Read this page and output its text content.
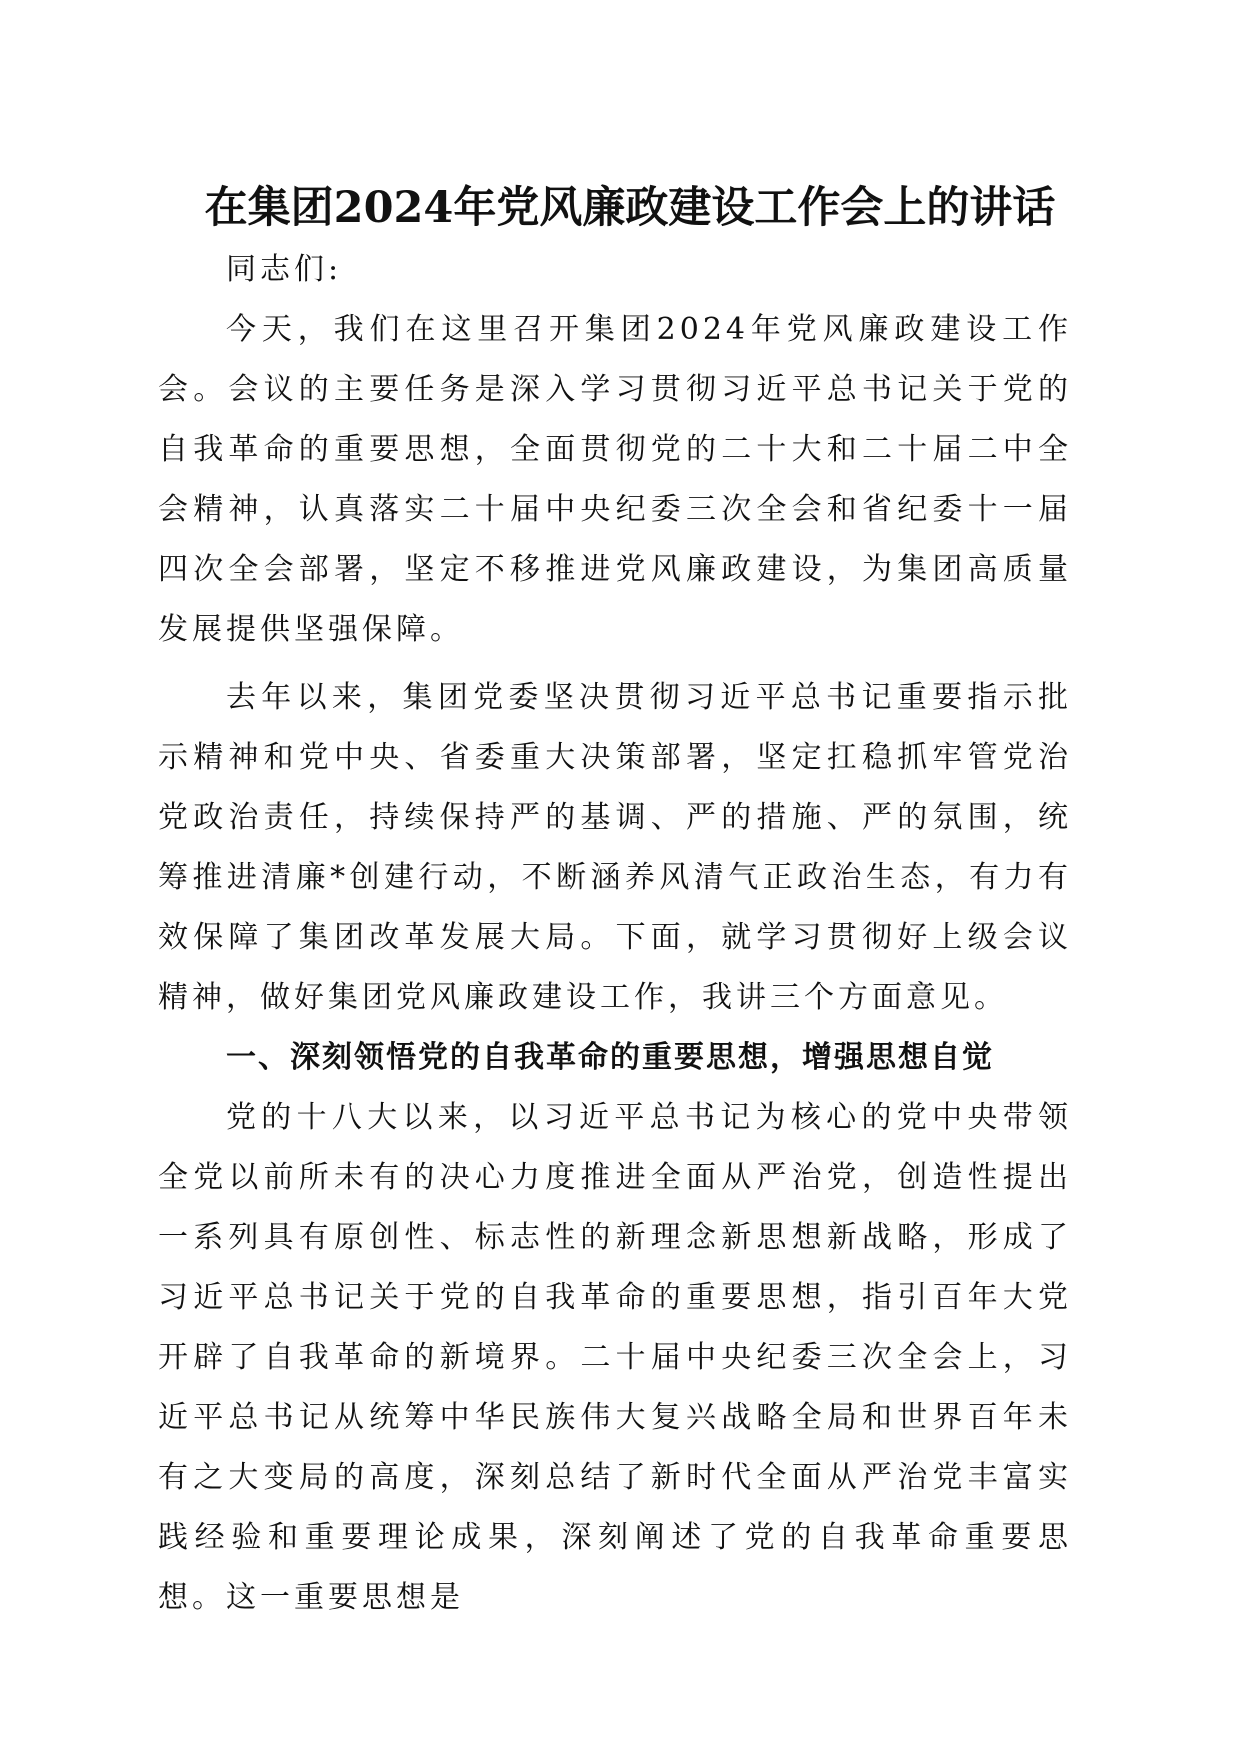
在集团2024年党风廉政建设工作会上的讲话

同志们:

今天，我们在这里召开集团2024年党风廉政建设工作会。会议的主要任务是深入学习贯彻习近平总书记关于党的自我革命的重要思想，全面贯彻党的二十大和二十届二中全会精神，认真落实二十届中央纪委三次全会和省纪委十一届四次全会部署，坚定不移推进党风廉政建设，为集团高质量发展提供坚强保障。

去年以来，集团党委坚决贯彻习近平总书记重要指示批示精神和党中央、省委重大决策部署，坚定扛稳抓牢管党治党政治责任，持续保持严的基调、严的措施、严的氛围，统筹推进清廉*创建行动，不断涵养风清气正政治生态，有力有效保障了集团改革发展大局。下面，就学习贯彻好上级会议精神，做好集团党风廉政建设工作，我讲三个方面意见。

一、深刻领悟党的自我革命的重要思想，增强思想自觉

党的十八大以来，以习近平总书记为核心的党中央带领全党以前所未有的决心力度推进全面从严治党，创造性提出一系列具有原创性、标志性的新理念新思想新战略，形成了习近平总书记关于党的自我革命的重要思想，指引百年大党开辟了自我革命的新境界。二十届中央纪委三次全会上，习近平总书记从统筹中华民族伟大复兴战略全局和世界百年未有之大变局的高度，深刻总结了新时代全面从严治党丰富实践经验和重要理论成果，深刻阐述了党的自我革命重要思想。这一重要思想是
